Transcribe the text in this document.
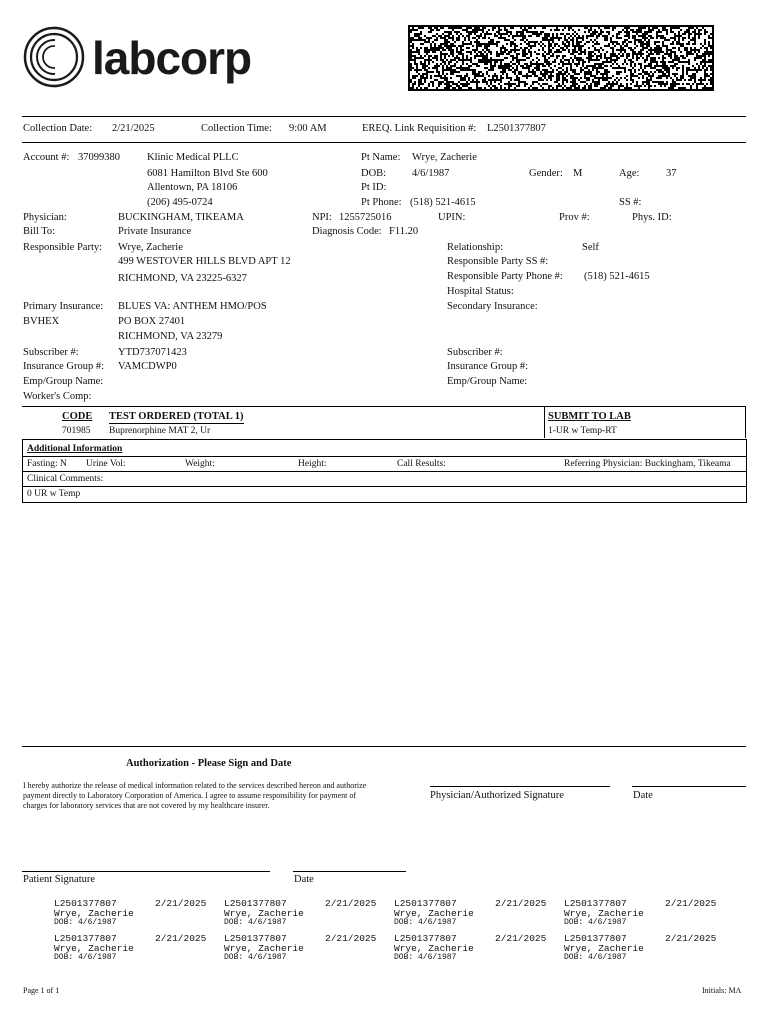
labcorp
Collection Date: 2/21/2025	Collection Time: 9:00 AM	EREQ. Link Requisition #: L2501377807
Account #: 37099380	Klinic Medical PLLC
6081 Hamilton Blvd Ste 600
Allentown, PA 18106
(206) 495-0724
Pt Name: Wrye, Zacherie
DOB: 4/6/1987	Gender: M	Age:	37
Pt ID:
Pt Phone: (518) 521-4615	SS #:
Physician:	BUCKINGHAM, TIKEAMA	NPI: 1255725016	UPIN:	Prov #:	Phys. ID:
Bill To:	Private Insurance	Diagnosis Code: F11.20
Responsible Party: Wrye, Zacherie
499 WESTOVER HILLS BLVD APT 12
RICHMOND, VA 23225-6327
Relationship:	Self
Responsible Party SS #:
Responsible Party Phone #: (518) 521-4615
Hospital Status:
Secondary Insurance:
Primary Insurance: BLUES VA: ANTHEM HMO/POS
BVHEX	PO BOX 27401
RICHMOND, VA 23279
Subscriber #:	YTD737071423
Insurance Group #: VAMCDWP0
Emp/Group Name:
Worker's Comp:
Subscriber #:
Insurance Group #:
Emp/Group Name:
CODE TEST ORDERED (TOTAL 1)	SUBMIT TO LAB
701985 Buprenorphine MAT 2, Ur	1-UR w Temp-RT
Additional Information
Fasting: N Urine Vol:	Weight:	Height:	Call Results:	Referring Physician: Buckingham, Tikeama
Clinical Comments:
0 UR w Temp
Authorization - Please Sign and Date
I hereby authorize the release of medical information related to the services described hereon and authorize
payment directly to Laboratory Corporation of America. I agree to assume responsibility for payment of
charges for laboratory services that are not covered by my healthcare insurer.
Physician/Authorized Signature	Date
Patient Signature	Date
L2501377807	2/21/2025
Wrye, Zacherie
DOB: 4/6/1987
L2501377807	2/21/2025
Wrye, Zacherie
DOB: 4/6/1987
L2501377807	2/21/2025
Wrye, Zacherie
DOB: 4/6/1987
L2501377807	2/21/2025
Wrye, Zacherie
DOB: 4/6/1987
L2501377807	2/21/2025
Wrye, Zacherie
DOB: 4/6/1987
L2501377807	2/21/2025
Wrye, Zacherie
DOB: 4/6/1987
L2501377807	2/21/2025
Wrye, Zacherie
DOB: 4/6/1987
L2501377807	2/21/2025
Wrye, Zacherie
DOB: 4/6/1987
Page 1 of 1	Initials: MA
